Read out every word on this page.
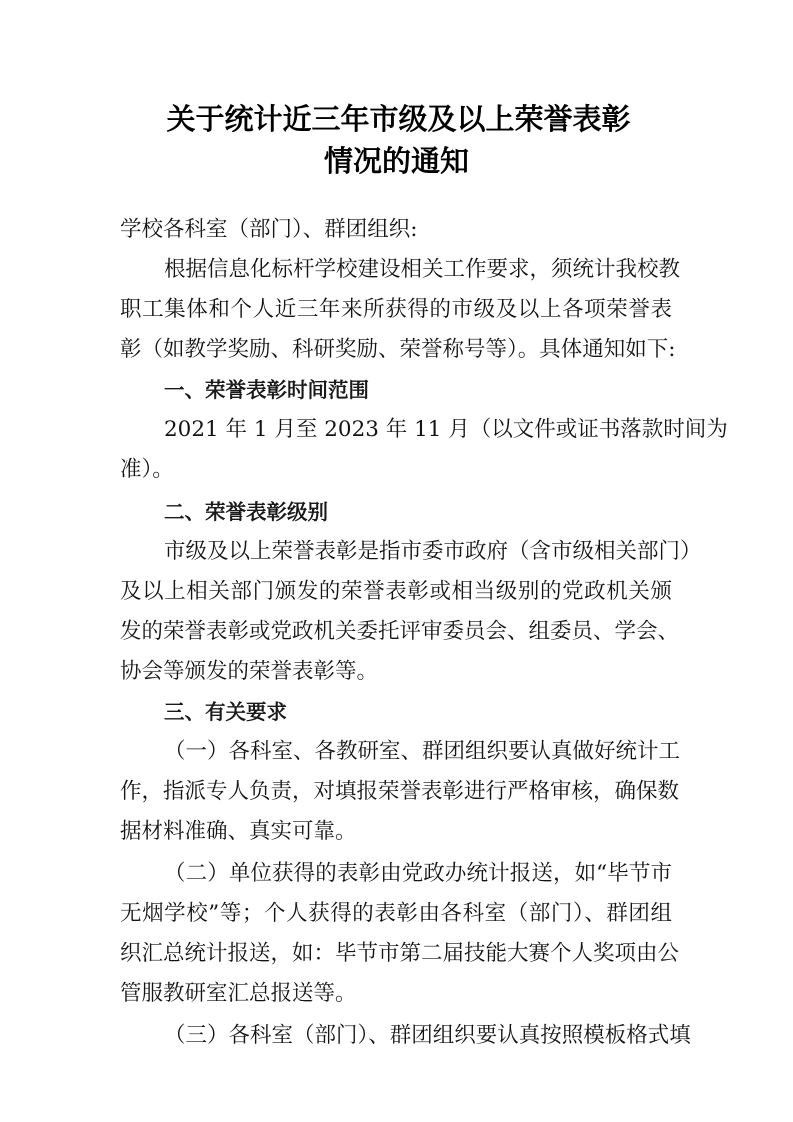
关于统计近三年市级及以上荣誉表彰
情况的通知
学校各科室（部门）、群团组织:
根据信息化标杆学校建设相关工作要求，须统计我校教
职工集体和个人近三年来所获得的市级及以上各项荣誉表
彰（如教学奖励、科研奖励、荣誉称号等）。具体通知如下:
一、荣誉表彰时间范围
2021 年 1 月至 2023 年 11 月（以文件或证书落款时间为
准）。
二、荣誉表彰级别
市级及以上荣誉表彰是指市委市政府（含市级相关部门）
及以上相关部门颁发的荣誉表彰或相当级别的党政机关颁
发的荣誉表彰或党政机关委托评审委员会、组委员、学会、
协会等颁发的荣誉表彰等。
三、有关要求
（一）各科室、各教研室、群团组织要认真做好统计工
作，指派专人负责，对填报荣誉表彰进行严格审核，确保数
据材料准确、真实可靠。
（二）单位获得的表彰由党政办统计报送，如“毕节市
无烟学校”等；个人获得的表彰由各科室（部门）、群团组
织汇总统计报送，如：毕节市第二届技能大赛个人奖项由公
管服教研室汇总报送等。
（三）各科室（部门）、群团组织要认真按照模板格式填
